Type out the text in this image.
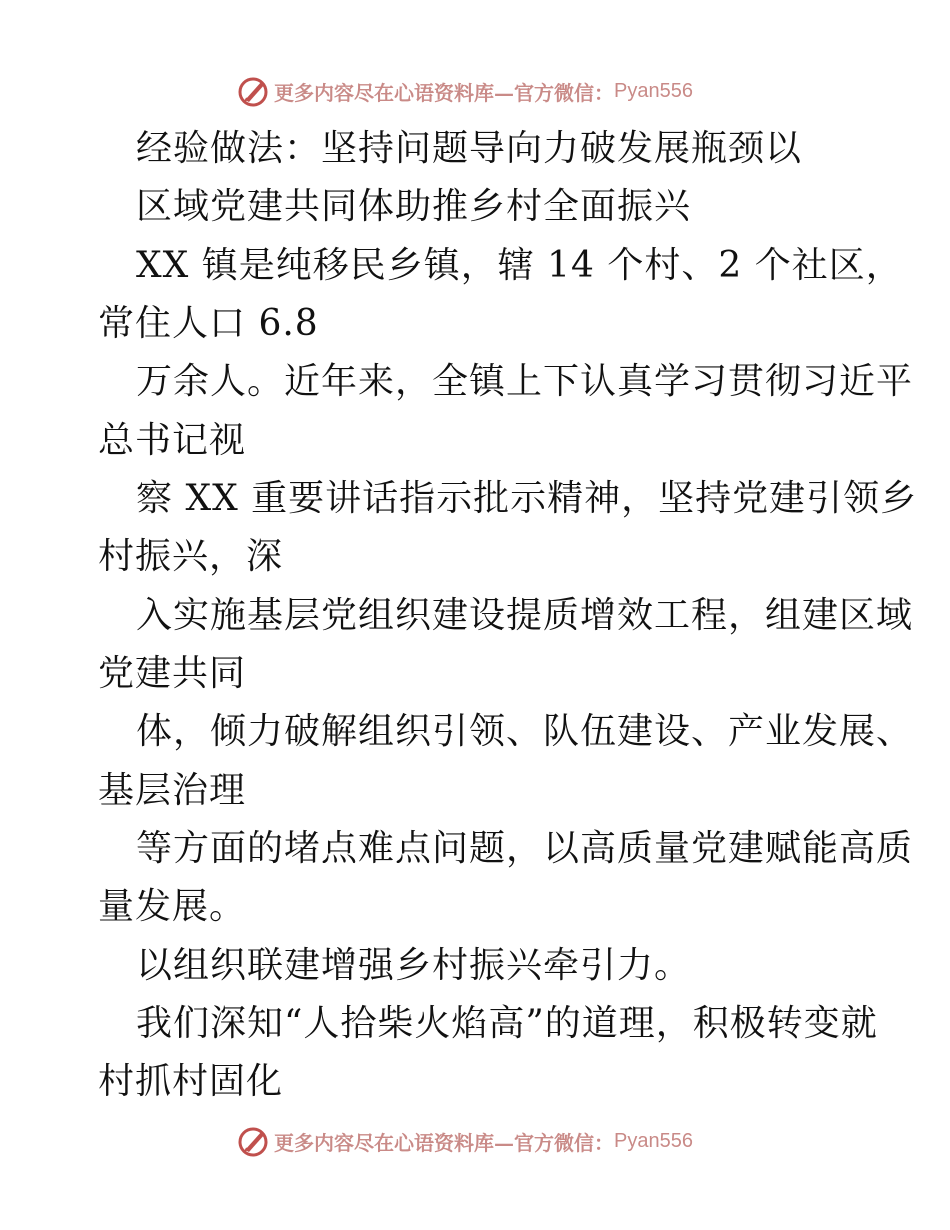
更多内容尽在心语资料库—官方微信： Pyan556
经验做法：坚持问题导向力破发展瓶颈以
区域党建共同体助推乡村全面振兴
XX 镇是纯移民乡镇，辖 14 个村、2 个社区，
常住人口 6.8
万余人。近年来，全镇上下认真学习贯彻习近平
总书记视
察 XX 重要讲话指示批示精神，坚持党建引领乡
村振兴，深
入实施基层党组织建设提质增效工程，组建区域
党建共同
体，倾力破解组织引领、队伍建设、产业发展、
基层治理
等方面的堵点难点问题，以高质量党建赋能高质
量发展。
以组织联建增强乡村振兴牵引力。
我们深知“人拾柴火焰高”的道理，积极转变就
村抓村固化
更多内容尽在心语资料库—官方微信： Pyan556
